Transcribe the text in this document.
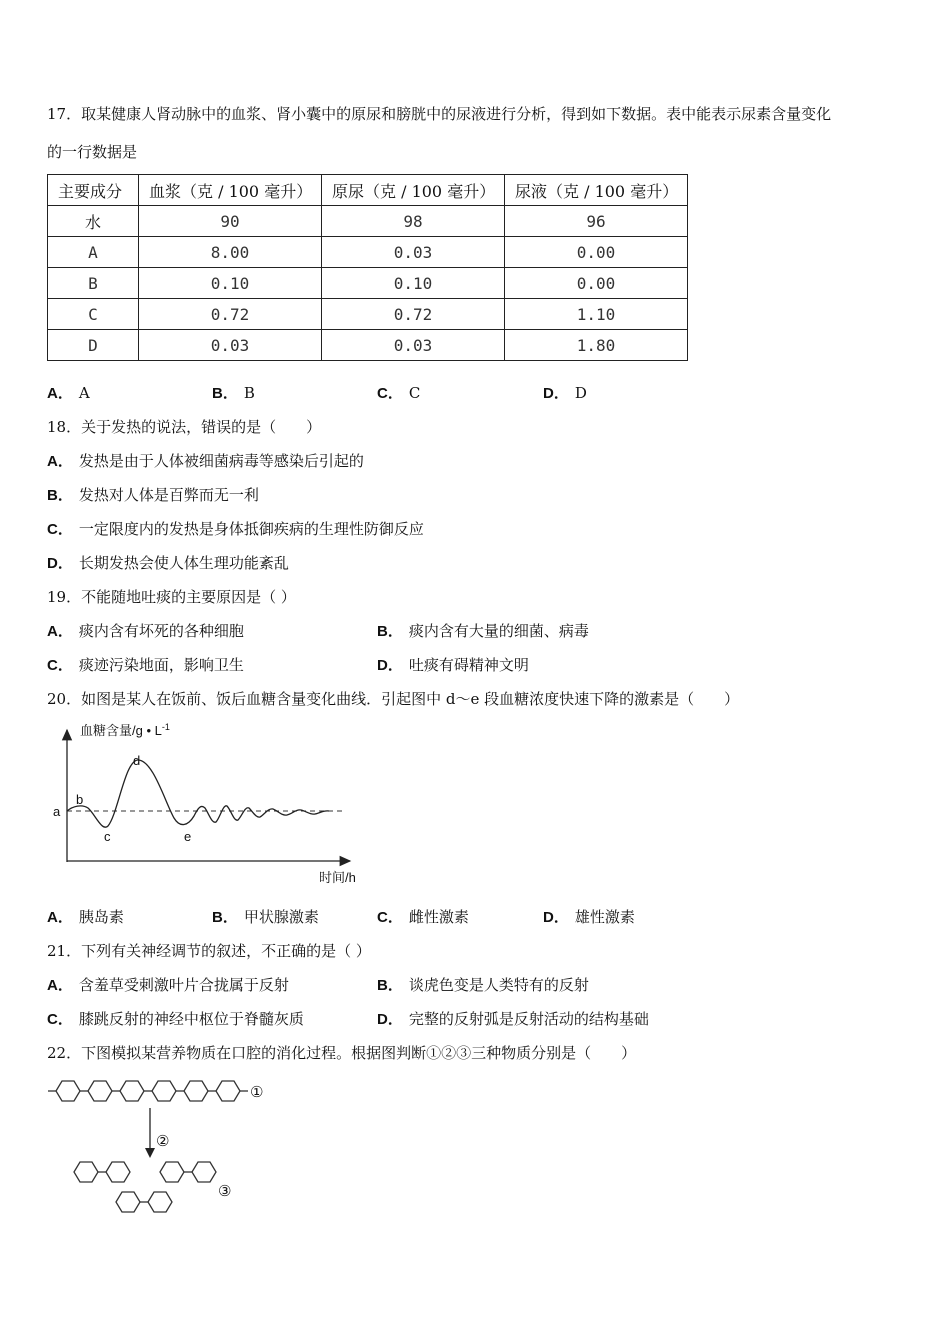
17．取某健康人肾动脉中的血浆、肾小囊中的原尿和膀胱中的尿液进行分析，得到如下数据。表中能表示尿素含量变化
的一行数据是
主要成分	血浆（克 / 100 毫升）	原尿（克 / 100 毫升）	尿液（克 / 100 毫升）
水	90	98	96
A	8.00	0.03	0.00
B	0.10	0.10	0.00
C	0.72	0.72	1.10
D	0.03	0.03	1.80
A． A	B． B	C． C	D． D
18．关于发热的说法，错误的是（　　）
A． 发热是由于人体被细菌病毒等感染后引起的
B． 发热对人体是百弊而无一利
C． 一定限度内的发热是身体抵御疾病的生理性防御反应
D． 长期发热会使人体生理功能紊乱
19．不能随地吐痰的主要原因是（ ）
A． 痰内含有坏死的各种细胞	B． 痰内含有大量的细菌、病毒
C． 痰迹污染地面，影响卫生	D． 吐痰有碍精神文明
20．如图是某人在饭前、饭后血糖含量变化曲线．引起图中 d～e 段血糖浓度快速下降的激素是（　　）
血糖含量/g • $L^{-1}$
时间/h
a
b
c
d
e
A． 胰岛素	B． 甲状腺激素	C． 雌性激素	D． 雄性激素
21．下列有关神经调节的叙述，不正确的是（ ）
A． 含羞草受刺激叶片合拢属于反射	B． 谈虎色变是人类特有的反射
C． 膝跳反射的神经中枢位于脊髓灰质	D． 完整的反射弧是反射活动的结构基础
22．下图模拟某营养物质在口腔的消化过程。根据图判断①②③三种物质分别是（　　）
①
②
③
